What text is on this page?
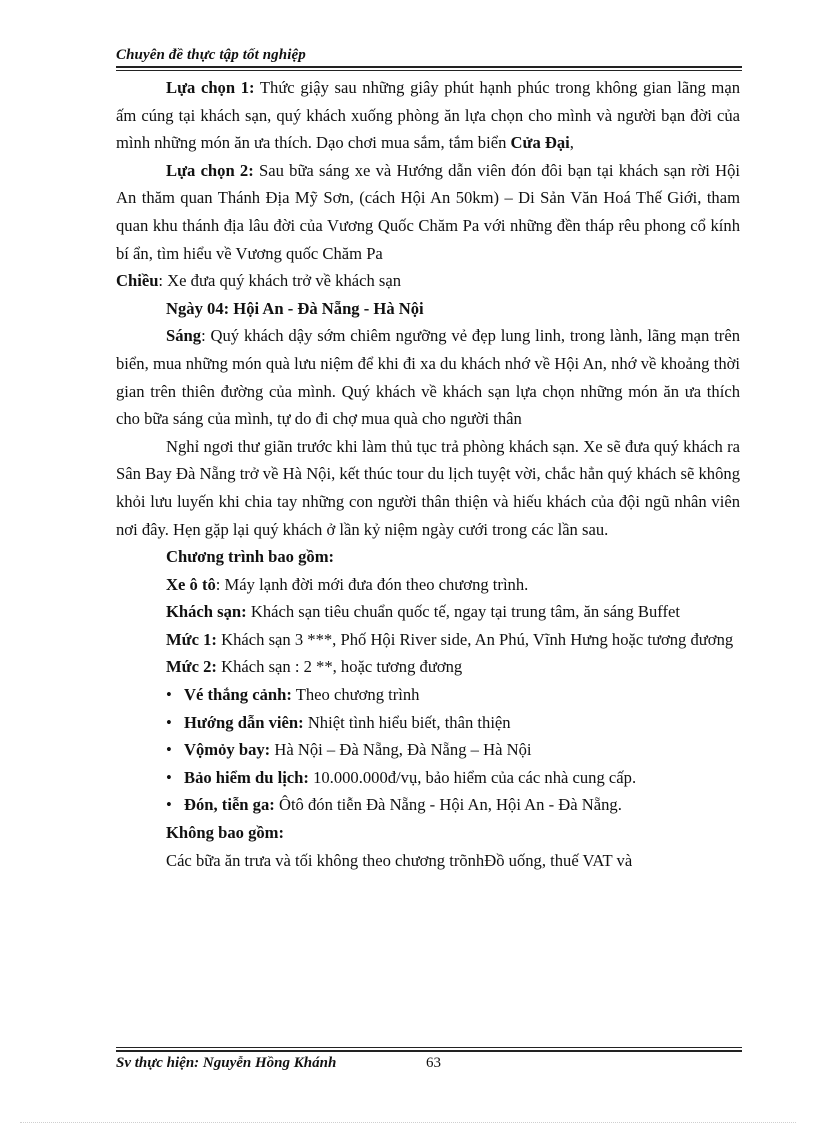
Chuyên đề thực tập tốt nghiệp

Lựa chọn 1: Thức giậy sau những giây phút hạnh phúc trong không gian lãng mạn ấm cúng tại khách sạn, quý khách xuống phòng ăn lựa chọn cho mình và người bạn đời của mình những món ăn ưa thích. Dạo chơi mua sắm, tắm biển Cửa Đại,

Lựa chọn 2: Sau bữa sáng xe và Hướng dẫn viên đón đôi bạn tại khách sạn rời Hội An thăm quan Thánh Địa Mỹ Sơn, (cách Hội An 50km) – Di Sản Văn Hoá Thế Giới, tham quan khu thánh địa lâu đời của Vương Quốc Chăm Pa với những đền tháp rêu phong cổ kính bí ẩn, tìm hiểu về Vương quốc Chăm Pa

Chiều: Xe đưa quý khách trở về khách sạn

Ngày 04: Hội An - Đà Nẵng - Hà Nội

Sáng: Quý khách dậy sớm chiêm ngưỡng vẻ đẹp lung linh, trong lành, lãng mạn trên biển, mua những món quà lưu niệm để khi đi xa du khách nhớ về Hội An, nhớ về khoảng thời gian trên thiên đường của mình. Quý khách về khách sạn lựa chọn những món ăn ưa thích cho bữa sáng của mình, tự do đi chợ mua quà cho người thân

Nghỉ ngơi thư giãn trước khi làm thủ tục trả phòng khách sạn. Xe sẽ đưa quý khách ra Sân Bay Đà Nẵng trở về Hà Nội, kết thúc tour du lịch tuyệt vời, chắc hẳn quý khách sẽ không khỏi lưu luyến khi chia tay những con người thân thiện và hiếu khách của đội ngũ nhân viên nơi đây. Hẹn gặp lại quý khách ở lần kỷ niệm ngày cưới trong các lần sau.

Chương trình bao gồm:

Xe ô tô: Máy lạnh đời mới đưa đón theo chương trình.

Khách sạn: Khách sạn tiêu chuẩn quốc tế, ngay tại trung tâm, ăn sáng Buffet

Mức 1: Khách sạn 3 ***, Phố Hội River side, An Phú, Vĩnh Hưng hoặc tương đương

Mức 2: Khách sạn : 2 **, hoặc tương đương

• Vé thắng cảnh: Theo chương trình
• Hướng dẫn viên: Nhiệt tình hiểu biết, thân thiện
• Vộmỏy bay: Hà Nội – Đà Nẵng, Đà Nẵng – Hà Nội
• Bảo hiểm du lịch: 10.000.000đ/vụ, bảo hiểm của các nhà cung cấp.
• Đón, tiễn ga: Ôtô đón tiễn Đà Nẵng - Hội An, Hội An - Đà Nẵng.

Không bao gồm:

Các bữa ăn trưa và tối không theo chương trõnhĐồ uống, thuế VAT và

Sv thực hiện: Nguyễn Hồng Khánh	63
